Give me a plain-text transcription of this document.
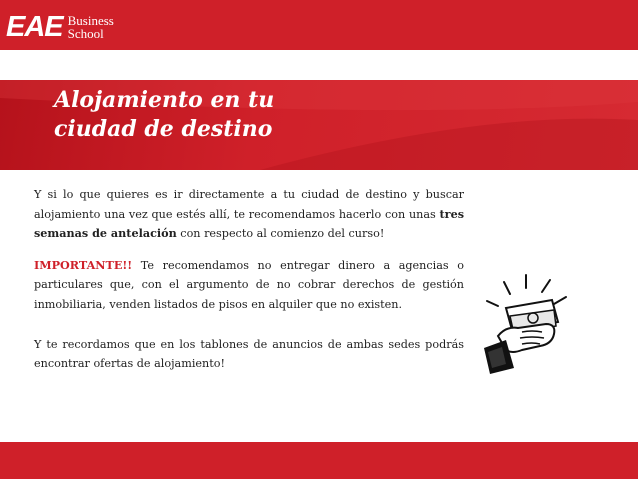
EAE Business
School
Alojamiento en tu
ciudad de destino

Y si lo que quieres es ir directamente a tu ciudad de destino y buscar alojamiento una vez que estés allí, te recomendamos hacerlo con unas tres semanas de antelación con respecto al comienzo del curso!

IMPORTANTE!! Te recomendamos no entregar dinero a agencias o particulares que, con el argumento de no cobrar derechos de gestión inmobiliaria, venden listados de pisos en alquiler que no existen.

Y te recordamos que en los tablones de anuncios de ambas sedes podrás encontrar ofertas de alojamiento!
